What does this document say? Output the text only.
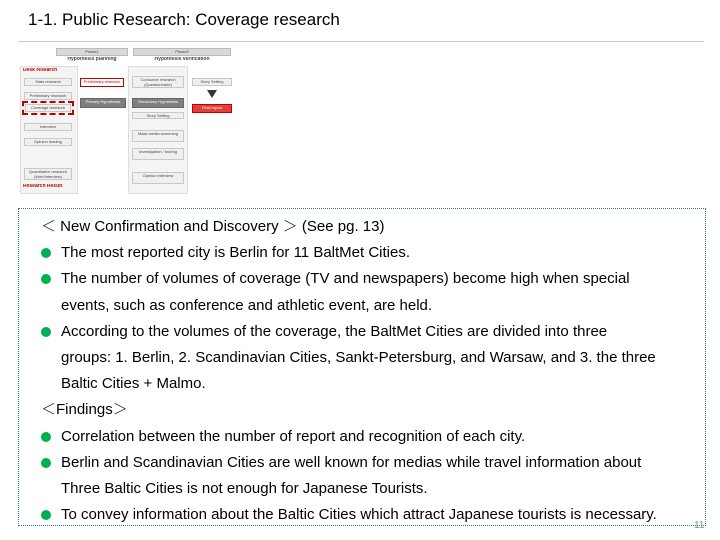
1-1. Public Research: Coverage research
Phase1	Phase2
Hypothesis planning	Hypothesis verification
Desk research
Stats research
Preliminary research
Coverage research
Interview
Opinion leading
Quantitative research (Web/Interview)
Research Result
Preliminary research
Primary Hypothesis
Consumer research (Questionnaire)
Secondary Hypothesis
Story Setting
Mass media screening
Investigation / touring
Opinion interview
Story Setting
Final report
＜ New Confirmation and Discovery ＞ (See pg. 13)
The most reported city is Berlin for 11 BaltMet Cities.
The number of volumes of coverage (TV and newspapers) become high when special
events, such as conference and athletic event, are held.
According to the volumes of the coverage, the BaltMet Cities are divided into three
groups: 1. Berlin, 2. Scandinavian Cities, Sankt-Petersburg, and Warsaw, and 3. the three
Baltic Cities + Malmo.
＜Findings＞
Correlation between the number of report and recognition of each city.
Berlin and Scandinavian Cities are well known for medias while travel information about
Three Baltic Cities is not enough for Japanese Tourists.
To convey information about the Baltic Cities which attract Japanese tourists is necessary.
11
